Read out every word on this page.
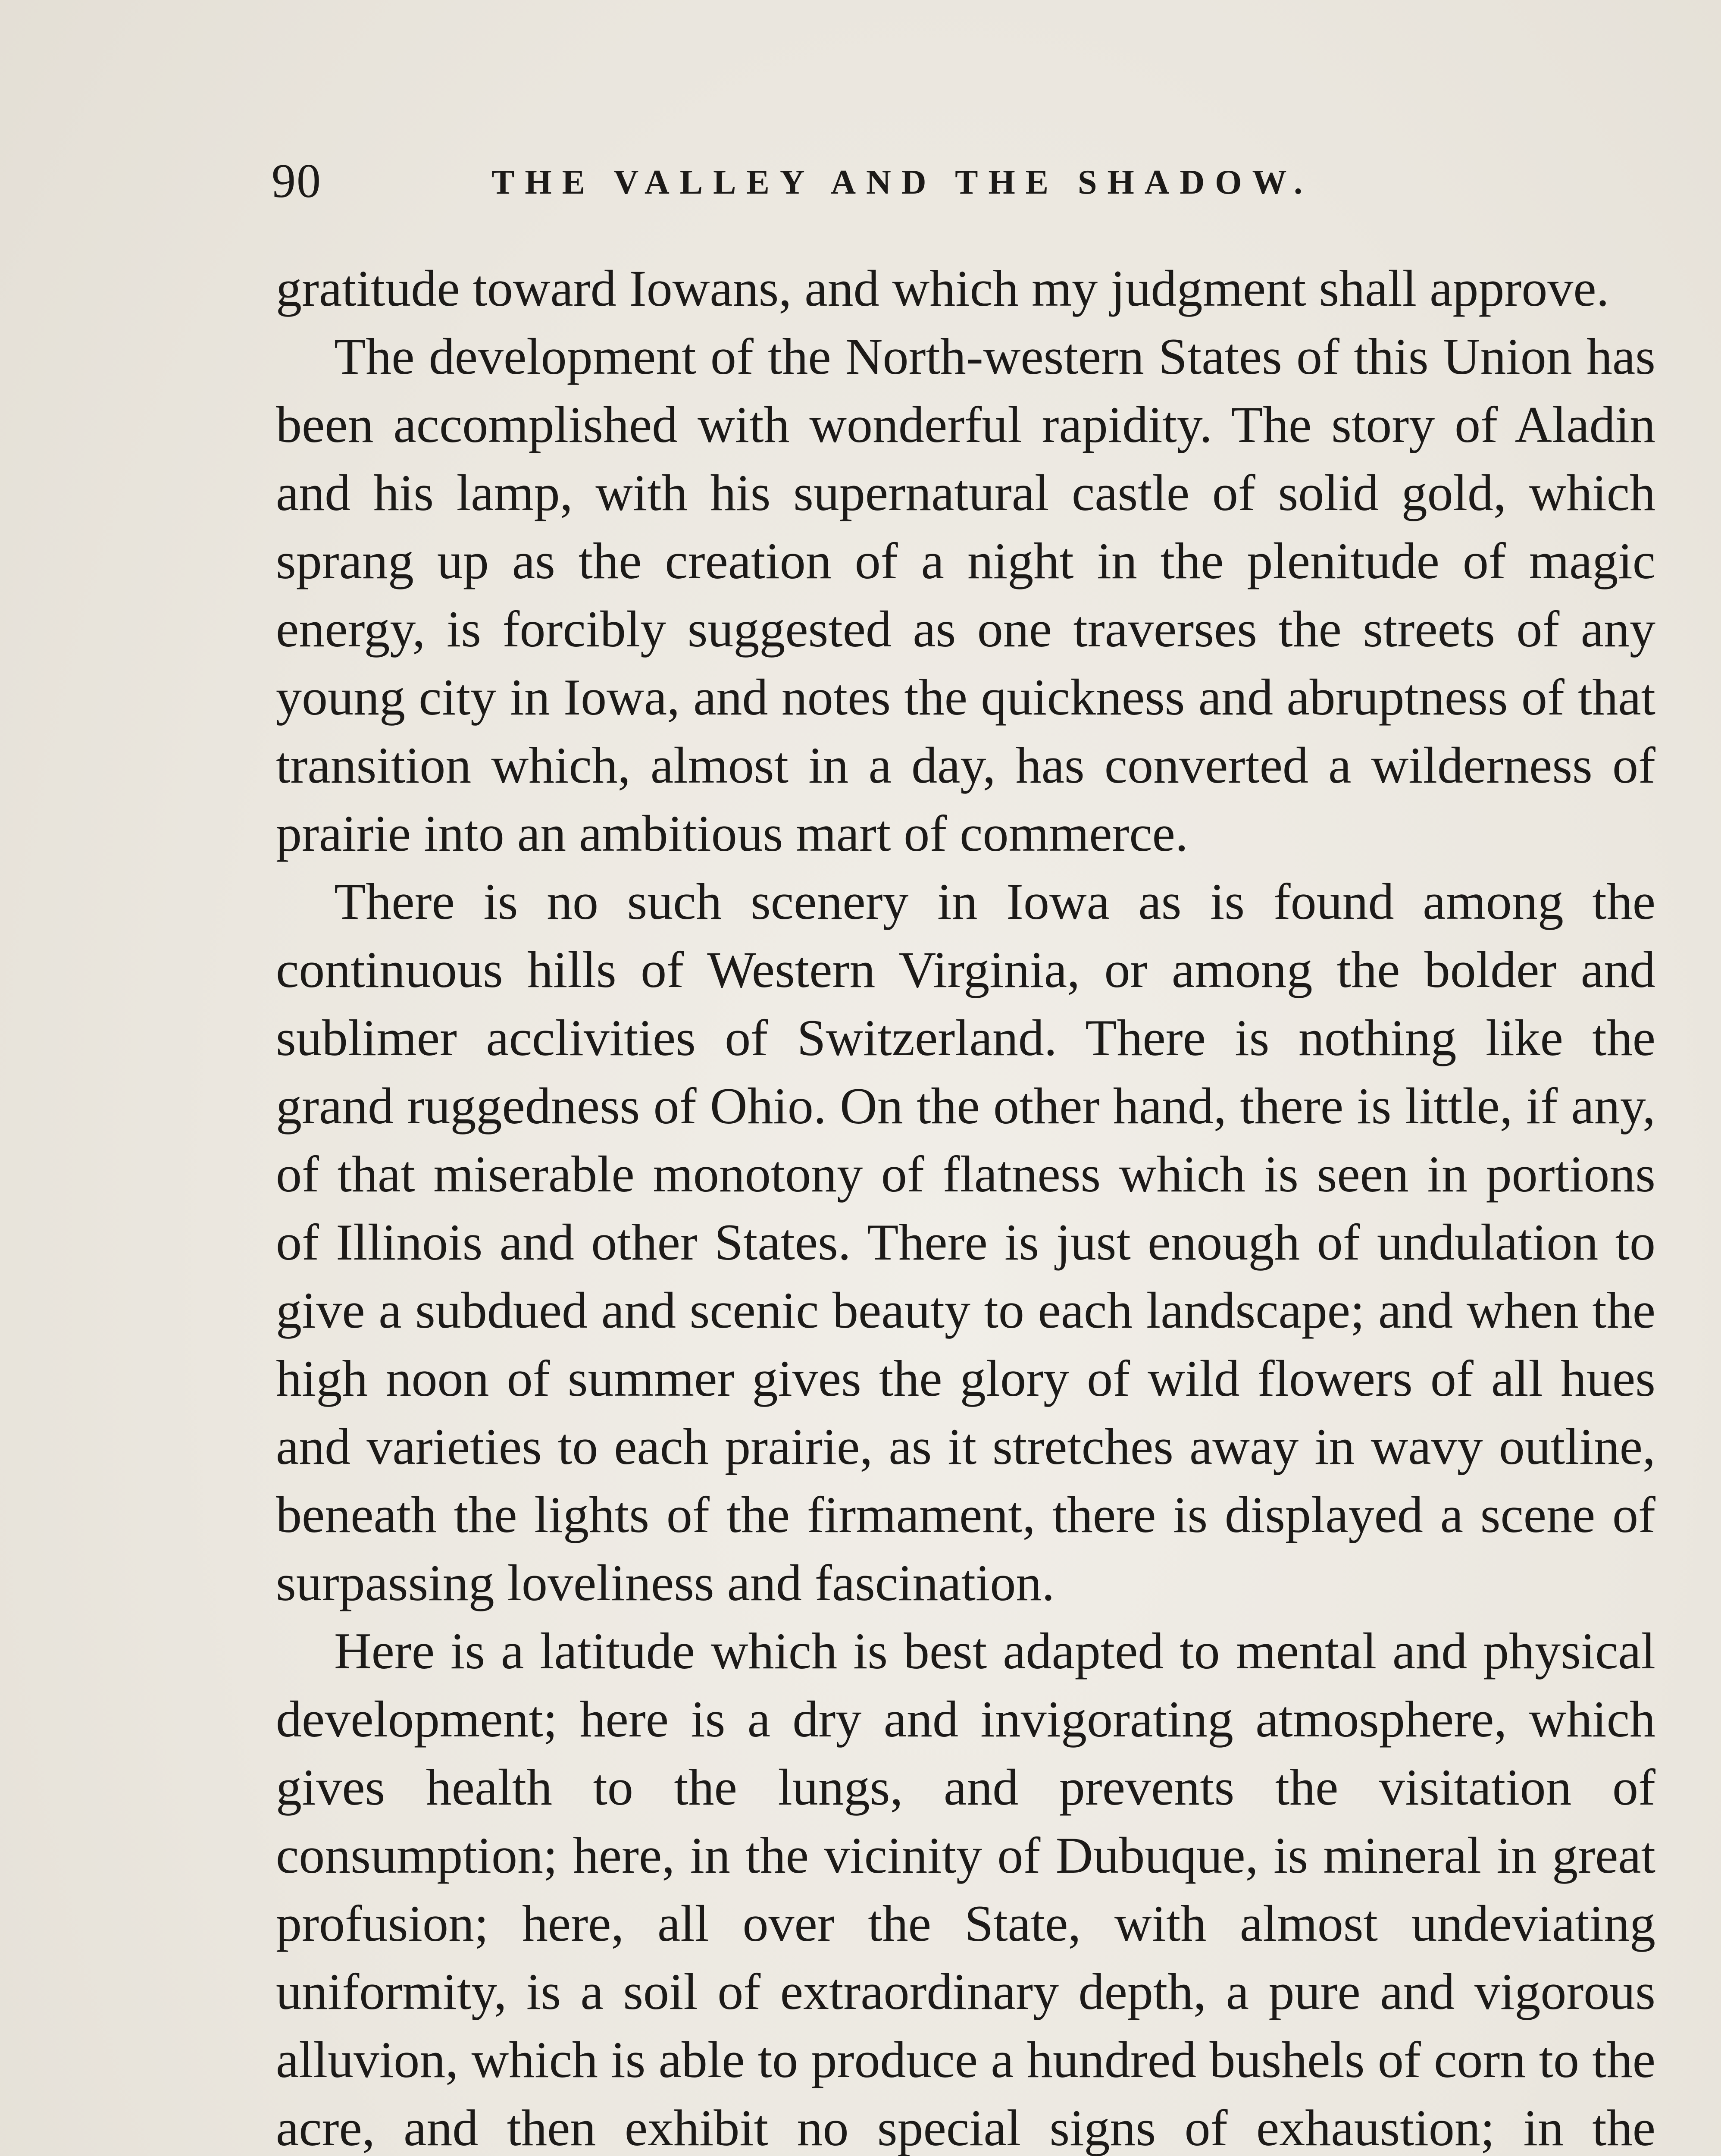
90	THE VALLEY AND THE SHADOW.

gratitude toward Iowans, and which my judgment shall approve.

The development of the North-western States of this Union has been accomplished with wonderful rapidity. The story of Aladin and his lamp, with his supernatural castle of solid gold, which sprang up as the creation of a night in the plenitude of magic energy, is forcibly suggested as one traverses the streets of any young city in Iowa, and notes the quickness and abruptness of that transition which, almost in a day, has converted a wilderness of prairie into an ambitious mart of commerce.

There is no such scenery in Iowa as is found among the continuous hills of Western Virginia, or among the bolder and sublimer acclivities of Switzerland. There is nothing like the grand ruggedness of Ohio. On the other hand, there is little, if any, of that miserable monotony of flatness which is seen in portions of Illinois and other States. There is just enough of undulation to give a subdued and scenic beauty to each landscape; and when the high noon of summer gives the glory of wild flowers of all hues and varieties to each prairie, as it stretches away in wavy outline, beneath the lights of the firmament, there is displayed a scene of surpassing loveliness and fascination.

Here is a latitude which is best adapted to mental and physical development; here is a dry and invigorating atmosphere, which gives health to the lungs, and prevents the visitation of consumption; here, in the vicinity of Dubuque, is mineral in great profusion; here, all over the State, with almost undeviating uniformity, is a soil of extraordinary depth, a pure and vigorous alluvion, which is able to produce a hundred bushels of corn to the acre, and then exhibit no special signs of exhaustion; in the
